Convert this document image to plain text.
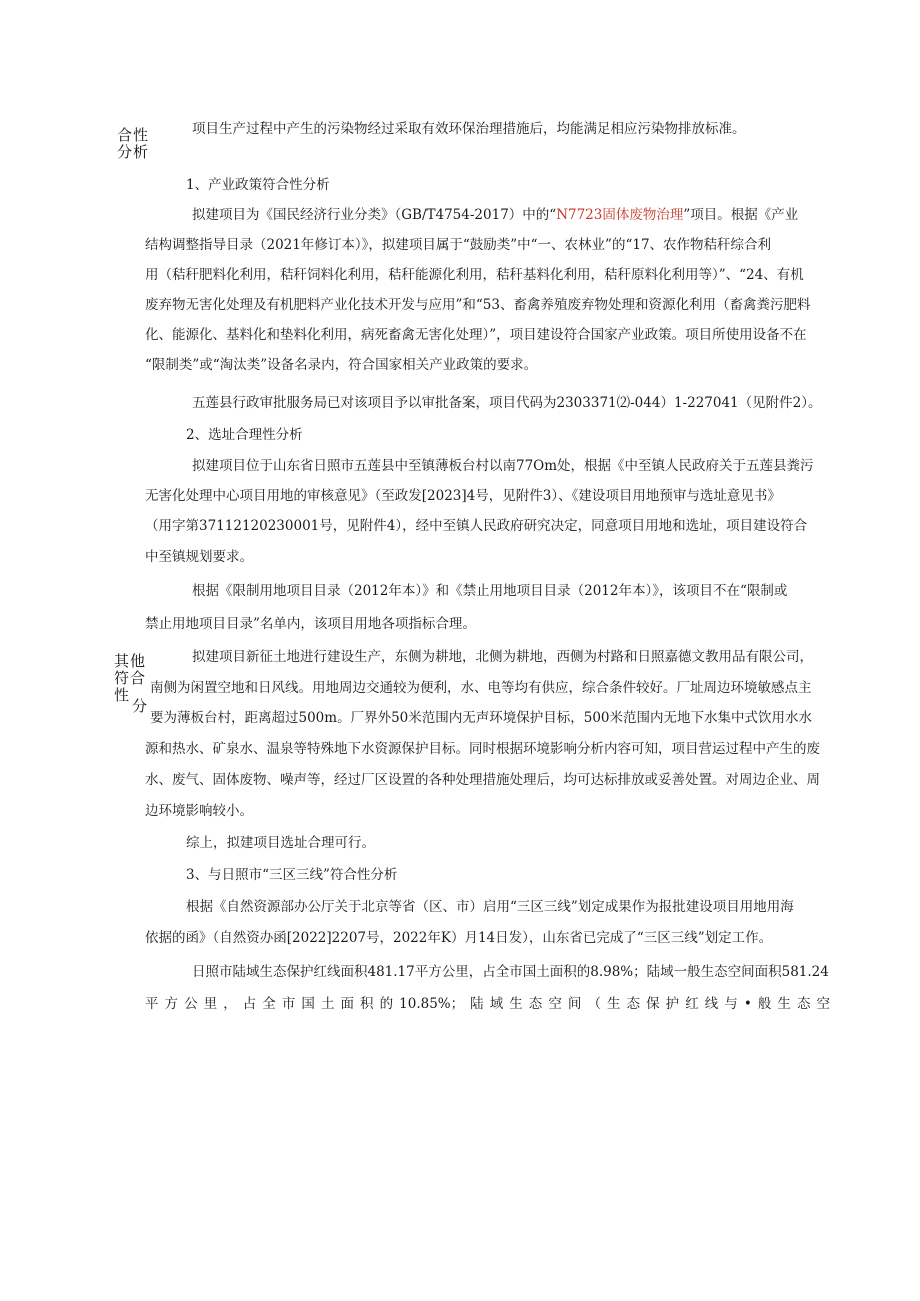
合性
分析
其他
符合
性
分
项目生产过程中产生的污染物经过采取有效环保治理措施后，均能满足相应污染物排放标准。
1、产业政策符合性分析
拟建项目为《国民经济行业分类》（GB/T4754-2017）中的“N7723固体废物治理”项目。根据《产业
结构调整指导目录（2021年修订本）》，拟建项目属于“鼓励类”中“一、农林业”的“17、农作物秸秆综合利
用（秸秆肥料化利用，秸秆饲料化利用，秸秆能源化利用，秸秆基料化利用，秸秆原料化利用等）”、“24、有机
废弃物无害化处理及有机肥料产业化技术开发与应用”和“53、畜禽养殖废弃物处理和资源化利用（畜禽粪污肥料
化、能源化、基料化和垫料化利用，病死畜禽无害化处理）”，项目建设符合国家产业政策。项目所使用设备不在
“限制类”或“淘汰类”设备名录内，符合国家相关产业政策的要求。
五莲县行政审批服务局已对该项目予以审批备案，项目代码为2303371⑵-044）1-227041（见附件2）。
2、选址合理性分析
拟建项目位于山东省日照市五莲县中至镇薄板台村以南77Om处，根据《中至镇人民政府关于五莲县粪污
无害化处理中心项目用地的审核意见》（至政发[2023]4号，见附件3）、《建设项目用地预审与选址意见书》
（用字第37112120230001号，见附件4），经中至镇人民政府研究决定，同意项目用地和选址，项目建设符合
中至镇规划要求。
根据《限制用地项目目录（2012年本）》和《禁止用地项目目录（2012年本）》，该项目不在“限制或
禁止用地项目目录”名单内，该项目用地各项指标合理。
拟建项目新征土地进行建设生产，东侧为耕地，北侧为耕地，西侧为村路和日照嘉德文教用品有限公司，
南侧为闲置空地和日风线。用地周边交通较为便利，水、电等均有供应，综合条件较好。厂址周边环境敏感点主
要为薄板台村，距离超过500m。厂界外50米范围内无声环境保护目标，500米范围内无地下水集中式饮用水水
源和热水、矿泉水、温泉等特殊地下水资源保护目标。同时根据环境影响分析内容可知，项目营运过程中产生的废
水、废气、固体废物、噪声等，经过厂区设置的各种处理措施处理后，均可达标排放或妥善处置。对周边企业、周
边环境影响较小。
综上，拟建项目选址合理可行。
3、与日照市“三区三线”符合性分析
根据《自然资源部办公厅关于北京等省（区、市）启用“三区三线”划定成果作为报批建设项目用地用海
依据的函》（自然资办函[2022]2207号，2022年K）月14日发），山东省已完成了“三区三线”划定工作。
日照市陆域生态保护红线面积481.17平方公里，占全市国土面积的8.98%；陆域一般生态空间面积581.24
平方公里，占全市国土面积的10.85%；陆域生态空间（生态保护红线与•般生态空
